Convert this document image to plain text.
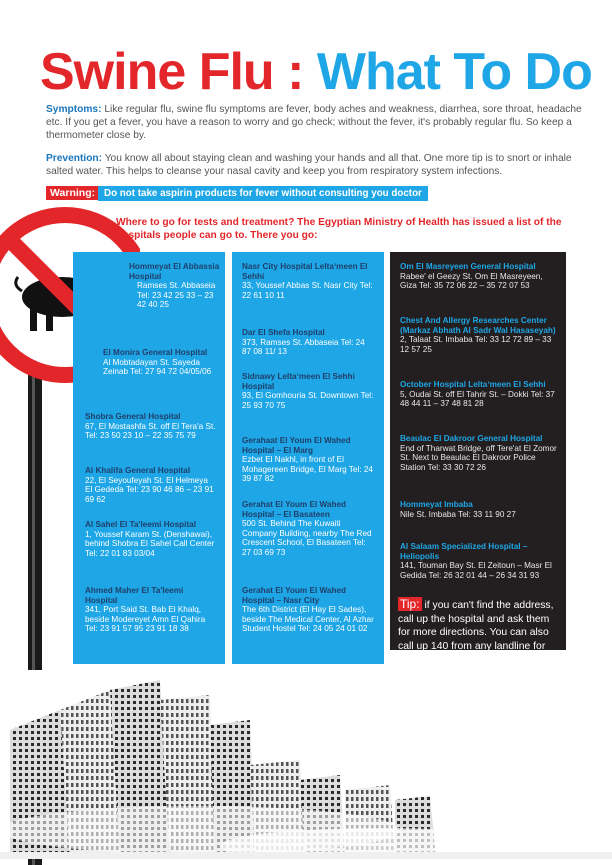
Swine Flu : What To Do
Symptoms: Like regular flu, swine flu symptoms are fever, body aches and weakness, diarrhea, sore throat, headache etc. If you get a fever, you have a reason to worry and go check; without the fever, it's probably regular flu. So keep a thermometer close by.
Prevention: You know all about staying clean and washing your hands and all that. One more tip is to snort or inhale salted water. This helps to cleanse your nasal cavity and keep you from respiratory system infections.
Warning: Do not take aspirin products for fever without consulting you doctor
Where to go for tests and treatment? The Egyptian Ministry of Health has issued a list of the hospitals people can go to. There you go:
Hommeyat El Abbassia Hospital
Ramses St. Abbaseia Tel: 23 42 25 33 – 23 42 40 25
El Monira General Hospital
Al Mobtadayan St. Sayeda Zeinab Tel: 27 94 72 04/05/06
Shobra General Hospital
67, El Mostashfa St. off El Tera'a St. Tel: 23 50 23 10 – 22 35 75 79
Al Khalifa General Hospital
22, El Seyoufeyah St. El Helmeya El Gededa Tel: 23 90 46 86 – 23 91 69 62
Al Sahel El Ta'leemi Hospital
1, Youssef Karam St. (Denshawai), behind Shobra El Sahel Call Center Tel: 22 01 83 03/04
Ahmed Maher El Ta'leemi Hospital
341, Port Said St. Bab El Khalq, beside Modereyet Amn El Qahira Tel: 23 91 57 95 23 91 18 38
Nasr City Hospital Leltaʼmeen El Sehhi
33, Youssef Abbas St. Nasr City Tel: 22 61 10 11
Dar El Shefa Hospital
373, Ramses St. Abbaseia Tel: 24 87 08 11/ 13
Sidnawy Leltaʼmeen El Sehhi Hospital
93, El Gomhouria St. Downtown Tel: 25 93 70 75
Gerahaat El Youm El Wahed Hospital – El Marg
Ezbet El Nakhl, in front of El Mohagereen Bridge, El Marg Tel: 24 39 87 82
Gerahat El Youm El Wahed Hospital – El Basateen
500 St. Behind The Kuwaiti Company Building, nearby The Red Crescent School, El Basateen Tel: 27 03 69 73
Gerahat El Youm El Wahed Hospital – Nasr City
The 6th District (El Hay El Sades), beside The Medical Center, Al Azhar Student Hostel Tel: 24 05 24 01 02
Om El Masreyeen General Hospital
Rabee' el Geezy St. Om El Masreyeen, Giza Tel: 35 72 06 22 – 35 72 07 53
Chest And Allergy Researches Center (Markaz Abhath Al Sadr Wal Hasaseyah)
2, Talaat St. Imbaba Tel: 33 12 72 89 – 33 12 57 25
October Hospital Leltaʼmeen El Sehhi
5, Oudai St. off El Tahrir St. – Dokki Tel: 37 48 44 11 – 37 48 81 28
Beaulac El Dakroor General Hospital
End of Tharwat Bridge, off Tere'at El Zomor St. Next to Beaulac El Dakroor Police Station Tel: 33 30 72 26
Hommeyat Imbaba
Nile St. Imbaba Tel: 33 11 90 27
Al Salaam Specialized Hospital – Heliopolis
141, Touman Bay St. El Zeitoun – Masr El Gedida Tel: 26 32 01 44 – 26 34 31 93
Tip: if you can't find the address, call up the hospital and ask them for more directions. You can also call up 140 from any landline for information.
